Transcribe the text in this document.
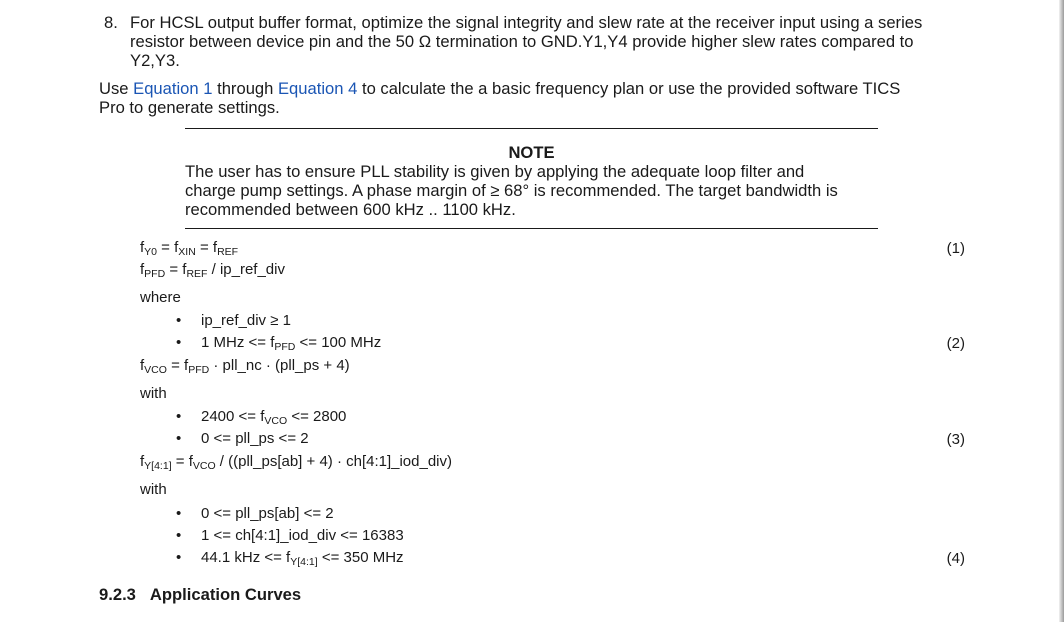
8. For HCSL output buffer format, optimize the signal integrity and slew rate at the receiver input using a series
resistor between device pin and the 50 Ω termination to GND.Y1,Y4 provide higher slew rates compared to
Y2,Y3.
Use Equation 1 through Equation 4 to calculate the a basic frequency plan or use the provided software TICS
Pro to generate settings.
NOTE
The user has to ensure PLL stability is given by applying the adequate loop filter and
charge pump settings. A phase margin of ≥ 68° is recommended. The target bandwidth is
recommended between 600 kHz .. 1100 kHz.
$f_{Y0} = f_{XIN} = f_{REF}$	(1)
$f_{PFD} = f_{REF}$ / ip_ref_div
where
• ip_ref_div ≥ 1
• 1 MHz <= $f_{PFD} <= 100$ MHz	(2)
$f_{VCO} = f_{PFD}$ · pll_nc · (pll_ps + 4)
with
• $2400 <= f_{VCO} <= 2800$
• 0 <= pll_ps <= 2	(3)
$f_{Y[4:1]} = f_{VCO}$ / ((pll_ps[ab] + 4) · ch[4:1]_iod_div)
with
• 0 <= pll_ps[ab] <= 2
• 1 <= ch[4:1]_iod_div <= 16383
• 44.1 kHz <= $f_{Y[4:1]} <= 350$ MHz	(4)
9.2.3 Application Curves
